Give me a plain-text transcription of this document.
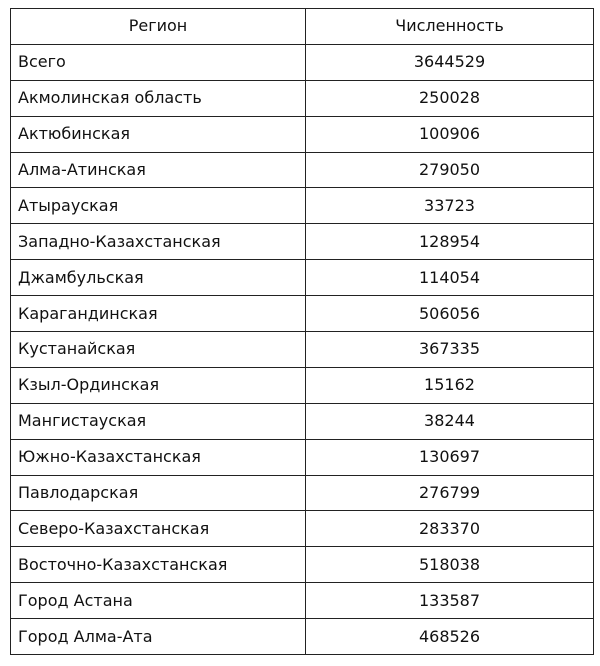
Регион	Численность
Всего	3644529
Акмолинская область	250028
Актюбинская	100906
Алма-Атинская	279050
Атырауская	33723
Западно-Казахстанская	128954
Джамбульская	114054
Карагандинская	506056
Кустанайская	367335
Кзыл-Ординская	15162
Мангистауская	38244
Южно-Казахстанская	130697
Павлодарская	276799
Северо-Казахстанская	283370
Восточно-Казахстанская	518038
Город Астана	133587
Город Алма-Ата	468526
